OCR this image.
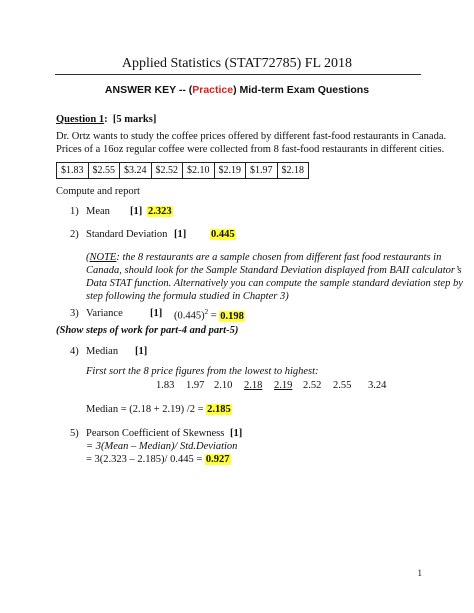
Applied Statistics (STAT72785) FL 2018
ANSWER KEY -- (Practice) Mid-term Exam Questions
Question 1: [5 marks]
Dr. Ortz wants to study the coffee prices offered by different fast-food restaurants in Canada.
Prices of a 16oz regular coffee were collected from 8 fast-food restaurants in different cities.
$1.83	$2.55	$3.24	$2.52	$2.10	$2.19	$1.97	$2.18
Compute and report
1) Mean [1] 2.323
2) Standard Deviation [1] 0.445
(NOTE: the 8 restaurants are a sample chosen from different fast food restaurants in
Canada, should look for the Sample Standard Deviation displayed from BAII calculator’s
Data STAT function. Alternatively you can compute the sample standard deviation step by
step following the formula studied in Chapter 3)
3) Variance	[1] $(0.445)^2 = 0.198$
(Show steps of work for part-4 and part-5)
4) Median [1]
First sort the 8 price figures from the lowest to highest:
1.83 1.97 2.10 2.18 2.19 2.52 2.55 3.24
Median = (2.18 + 2.19) /2 = 2.185
5) Pearson Coefficient of Skewness [1]
= 3(Mean – Median)/ Std.Deviation
= 3(2.323 – 2.185)/ 0.445 = 0.927
1
